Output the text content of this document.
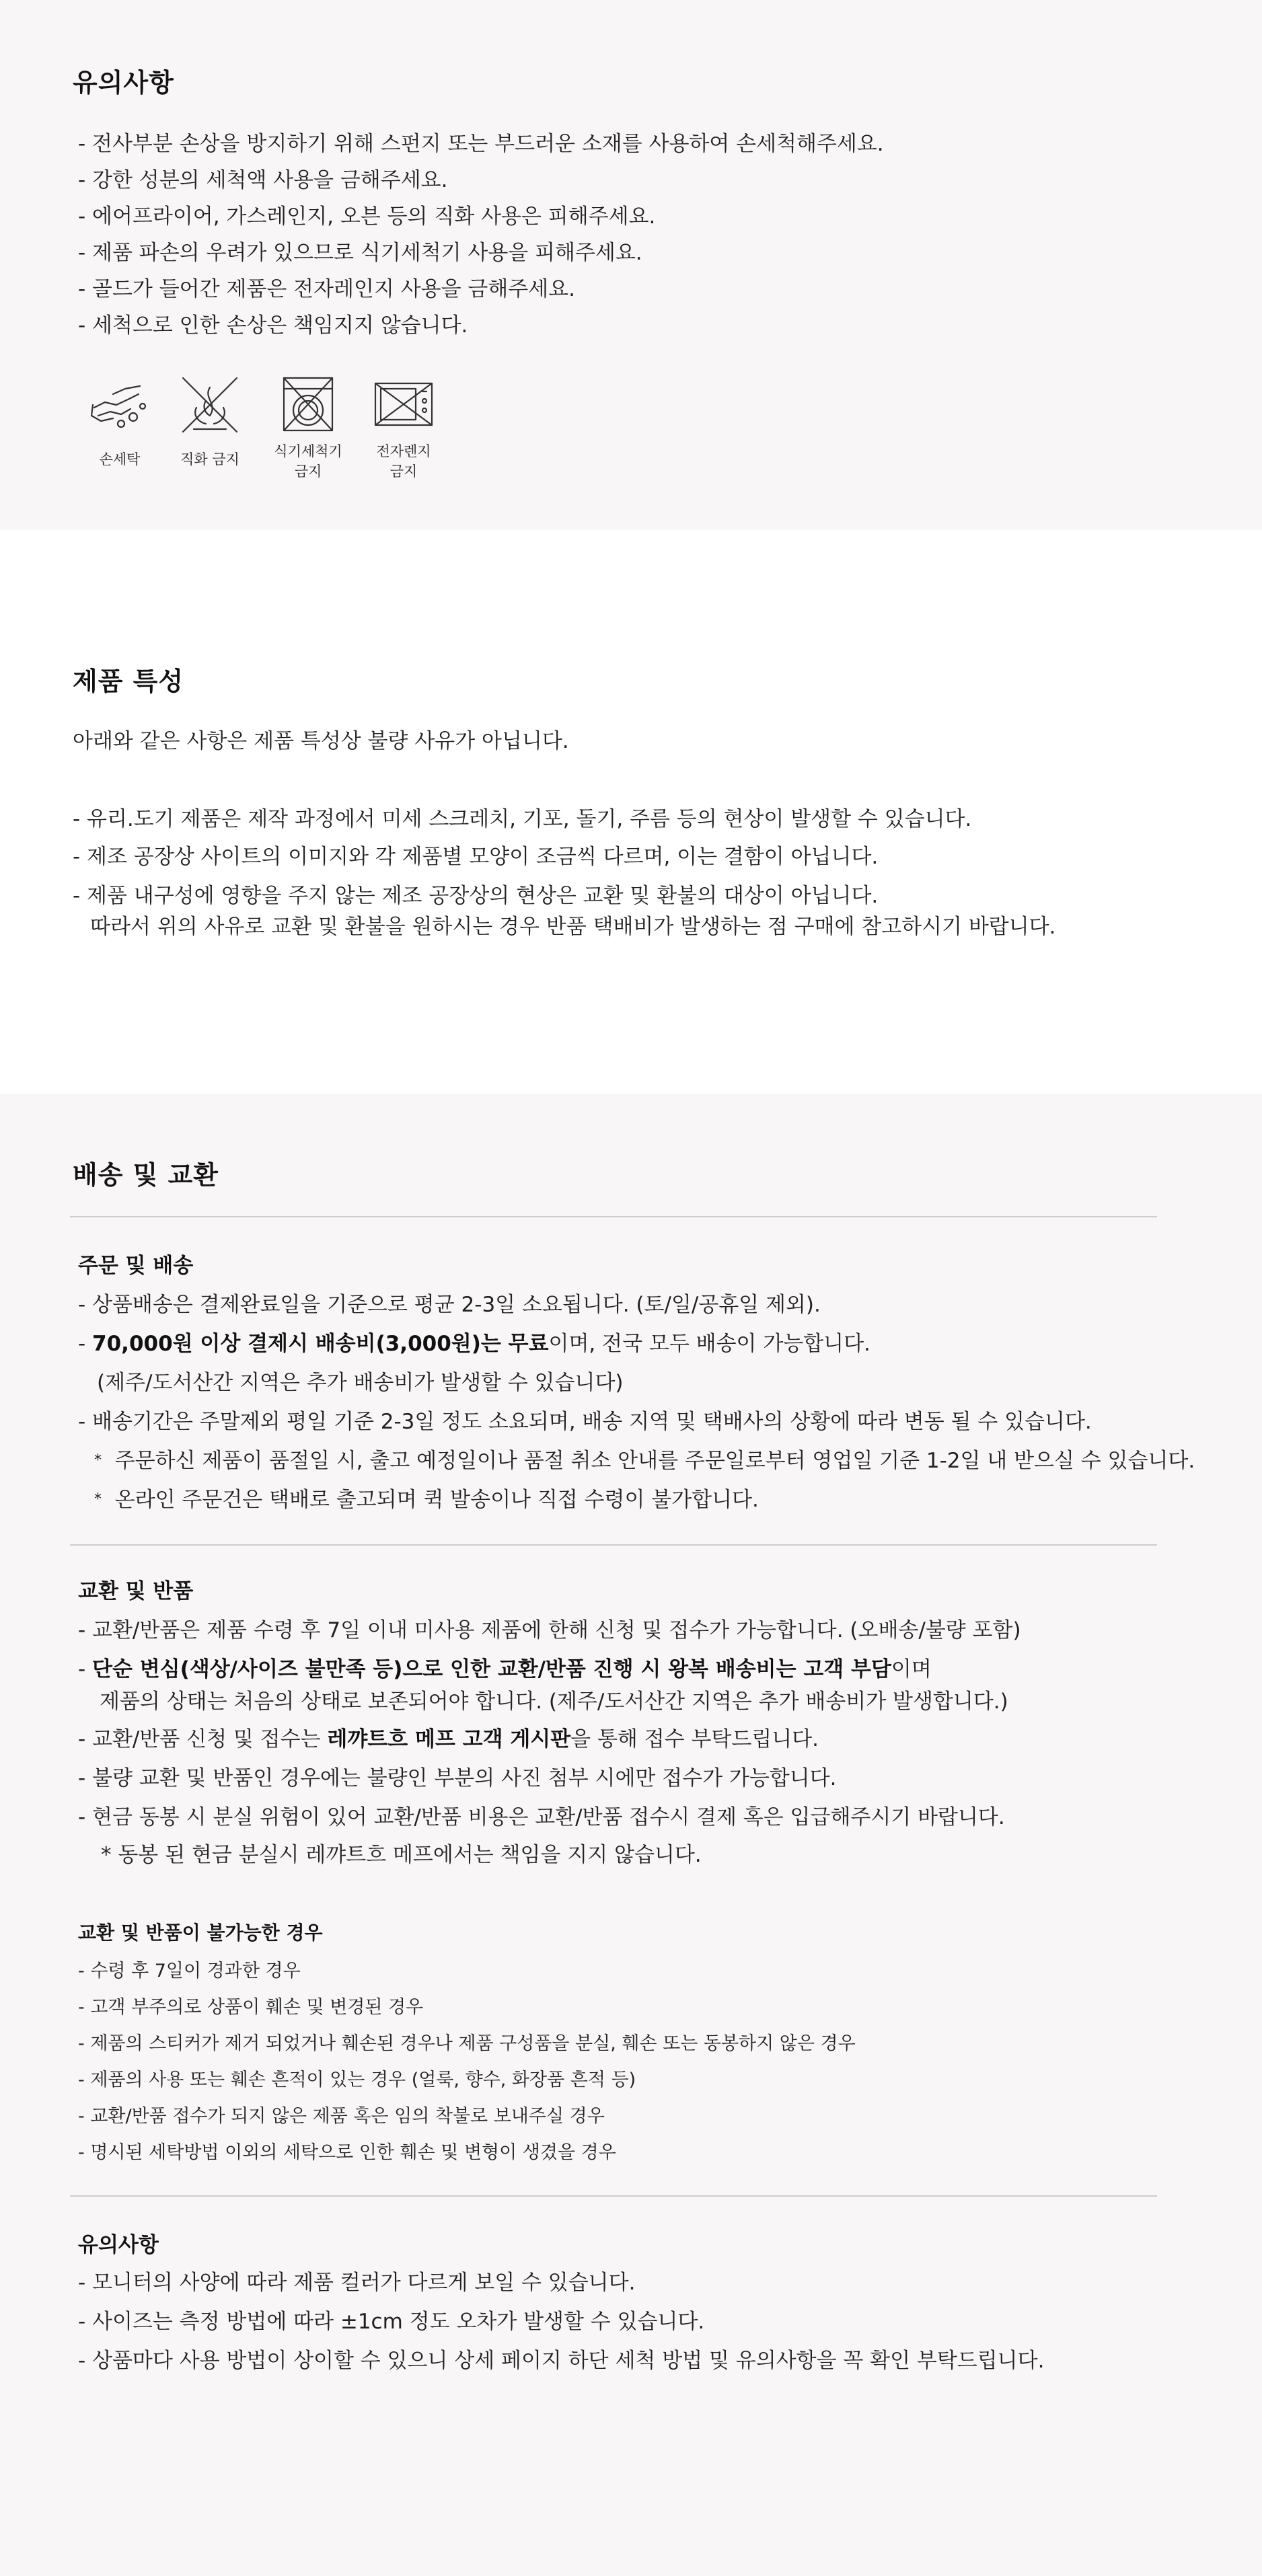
유의사항
- 전사부분 손상을 방지하기 위해 스펀지 또는 부드러운 소재를 사용하여 손세척해주세요.
- 강한 성분의 세척액 사용을 금해주세요.
- 에어프라이어, 가스레인지, 오븐 등의 직화 사용은 피해주세요.
- 제품 파손의 우려가 있으므로 식기세척기 사용을 피해주세요.
- 골드가 들어간 제품은 전자레인지 사용을 금해주세요.
- 세척으로 인한 손상은 책임지지 않습니다.
손세탁	직화 금지	식기세척기
금지
전자렌지
금지
제품 특성
아래와 같은 사항은 제품 특성상 불량 사유가 아닙니다.
- 유리.도기 제품은 제작 과정에서 미세 스크레치, 기포, 돌기, 주름 등의 현상이 발생할 수 있습니다.
- 제조 공장상 사이트의 이미지와 각 제품별 모양이 조금씩 다르며, 이는 결함이 아닙니다.
- 제품 내구성에 영향을 주지 않는 제조 공장상의 현상은 교환 및 환불의 대상이 아닙니다.
따라서 위의 사유로 교환 및 환불을 원하시는 경우 반품 택배비가 발생하는 점 구매에 참고하시기 바랍니다.
배송 및 교환
주문 및 배송
- 상품배송은 결제완료일을 기준으로 평균 2-3일 소요됩니다. (토/일/공휴일 제외).
- 70,000원 이상 결제시 배송비(3,000원)는 무료이며, 전국 모두 배송이 가능합니다.
(제주/도서산간 지역은 추가 배송비가 발생할 수 있습니다)
- 배송기간은 주말제외 평일 기준 2-3일 정도 소요되며, 배송 지역 및 택배사의 상황에 따라 변동 될 수 있습니다.
* 주문하신 제품이 품절일 시, 출고 예정일이나 품절 취소 안내를 주문일로부터 영업일 기준 1-2일 내 받으실 수 있습니다.
* 온라인 주문건은 택배로 출고되며 퀵 발송이나 직접 수령이 불가합니다.
교환 및 반품
- 교환/반품은 제품 수령 후 7일 이내 미사용 제품에 한해 신청 및 접수가 가능합니다. (오배송/불량 포함)
- 단순 변심(색상/사이즈 불만족 등)으로 인한 교환/반품 진행 시 왕복 배송비는 고객 부담이며
제품의 상태는 처음의 상태로 보존되어야 합니다. (제주/도서산간 지역은 추가 배송비가 발생합니다.)
- 교환/반품 신청 및 접수는 레꺄트흐 메프 고객 게시판을 통해 접수 부탁드립니다.
- 불량 교환 및 반품인 경우에는 불량인 부분의 사진 첨부 시에만 접수가 가능합니다.
- 현금 동봉 시 분실 위험이 있어 교환/반품 비용은 교환/반품 접수시 결제 혹은 입급해주시기 바랍니다.
* 동봉 된 현금 분실시 레꺄트흐 메프에서는 책임을 지지 않습니다.
교환 및 반품이 불가능한 경우
- 수령 후 7일이 경과한 경우
- 고객 부주의로 상품이 훼손 및 변경된 경우
- 제품의 스티커가 제거 되었거나 훼손된 경우나 제품 구성품을 분실, 훼손 또는 동봉하지 않은 경우
- 제품의 사용 또는 훼손 흔적이 있는 경우 (얼룩, 향수, 화장품 흔적 등)
- 교환/반품 접수가 되지 않은 제품 혹은 임의 착불로 보내주실 경우
- 명시된 세탁방법 이외의 세탁으로 인한 훼손 및 변형이 생겼을 경우
유의사항
- 모니터의 사양에 따라 제품 컬러가 다르게 보일 수 있습니다.
- 사이즈는 측정 방법에 따라 ±1cm 정도 오차가 발생할 수 있습니다.
- 상품마다 사용 방법이 상이할 수 있으니 상세 페이지 하단 세척 방법 및 유의사항을 꼭 확인 부탁드립니다.
